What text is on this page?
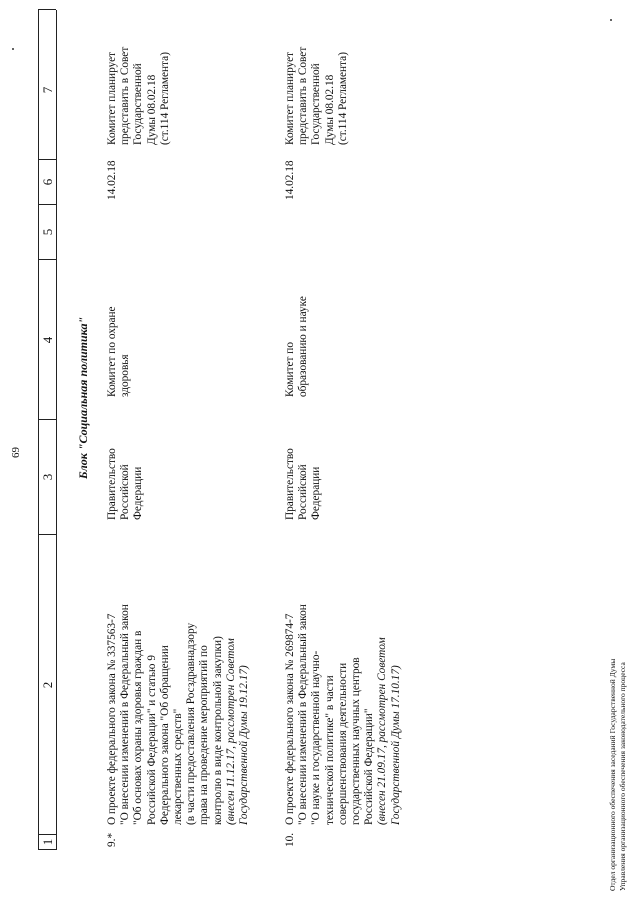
1
2
3
4
5
6
7
69	Блок "Социальная политика"
9.*

О проекте федерального закона № 337563-7 "О внесении изменений в Федеральный закон "Об основах охраны здоровья граждан в Российской Федерации" и статью 9 Федерального закона "Об обращении лекарственных средств" (в части предоставления Росздравнадзору права на проведение мероприятий по контролю в виде контрольной закупки) (внесен 11.12.17, рассмотрен Советом Государственной Думы 19.12.17)

Правительство Российской Федерации

Комитет по охране здоровья

14.02.18

Комитет планирует представить в Совет Государственной Думы 08.02.18 (ст.114 Регламента)

10.

О проекте федерального закона № 269874-7 "О внесении изменений в Федеральный закон "О науке и государственной научно- технической политике" в части совершенствования деятельности государственных научных центров Российской Федерации" (внесен 21.09.17, рассмотрен Советом Государственной Думы 17.10.17)

Правительство Российской Федерации

Комитет по образованию и науке

14.02.18

Комитет планирует представить в Совет Государственной Думы 08.02.18 (ст.114 Регламента)

Отдел организационного обеспечения заседаний Государственной Думы Управления организационного обеспечения законодательного процесса
